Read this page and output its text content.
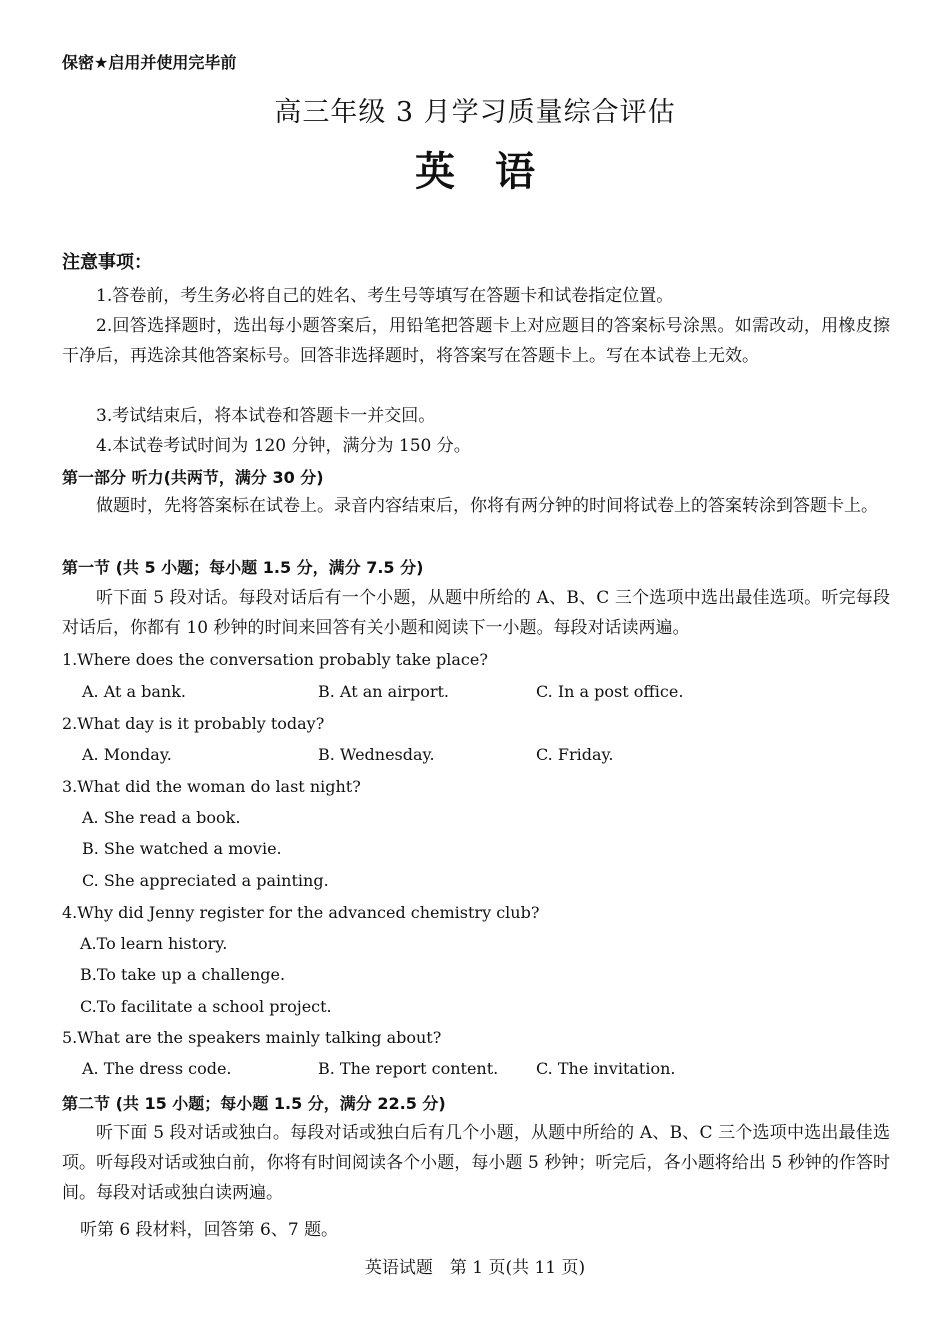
保密★启用并使用完毕前
高三年级 3 月学习质量综合评估
英语
注意事项：
1.答卷前，考生务必将自己的姓名、考生号等填写在答题卡和试卷指定位置。
2.回答选择题时，选出每小题答案后，用铅笔把答题卡上对应题目的答案标号涂黑。如需改动，用橡皮擦干净后，再选涂其他答案标号。回答非选择题时，将答案写在答题卡上。写在本试卷上无效。
3.考试结束后，将本试卷和答题卡一并交回。
4.本试卷考试时间为 120 分钟，满分为 150 分。
第一部分 听力(共两节，满分 30 分)
做题时，先将答案标在试卷上。录音内容结束后，你将有两分钟的时间将试卷上的答案转涂到答题卡上。
第一节 (共 5 小题；每小题 1.5 分，满分 7.5 分)
听下面 5 段对话。每段对话后有一个小题，从题中所给的 A、B、C 三个选项中选出最佳选项。听完每段对话后，你都有 10 秒钟的时间来回答有关小题和阅读下一小题。每段对话读两遍。
1.Where does the conversation probably take place?
A. At a bank.	B. At an airport.	C. In a post office.
2.What day is it probably today?
A. Monday.	B. Wednesday.	C. Friday.
3.What did the woman do last night?
A. She read a book.
B. She watched a movie.
C. She appreciated a painting.
4.Why did Jenny register for the advanced chemistry club?
A.To learn history.
B.To take up a challenge.
C.To facilitate a school project.
5.What are the speakers mainly talking about?
A. The dress code.	B. The report content. C. The invitation.
第二节 (共 15 小题；每小题 1.5 分，满分 22.5 分)
听下面 5 段对话或独白。每段对话或独白后有几个小题，从题中所给的 A、B、C 三个选项中选出最佳选项。听每段对话或独白前，你将有时间阅读各个小题，每小题 5 秒钟；听完后，各小题将给出 5 秒钟的作答时间。每段对话或独白读两遍。
听第 6 段材料，回答第 6、7 题。
英语试题　第 1 页(共 11 页)
